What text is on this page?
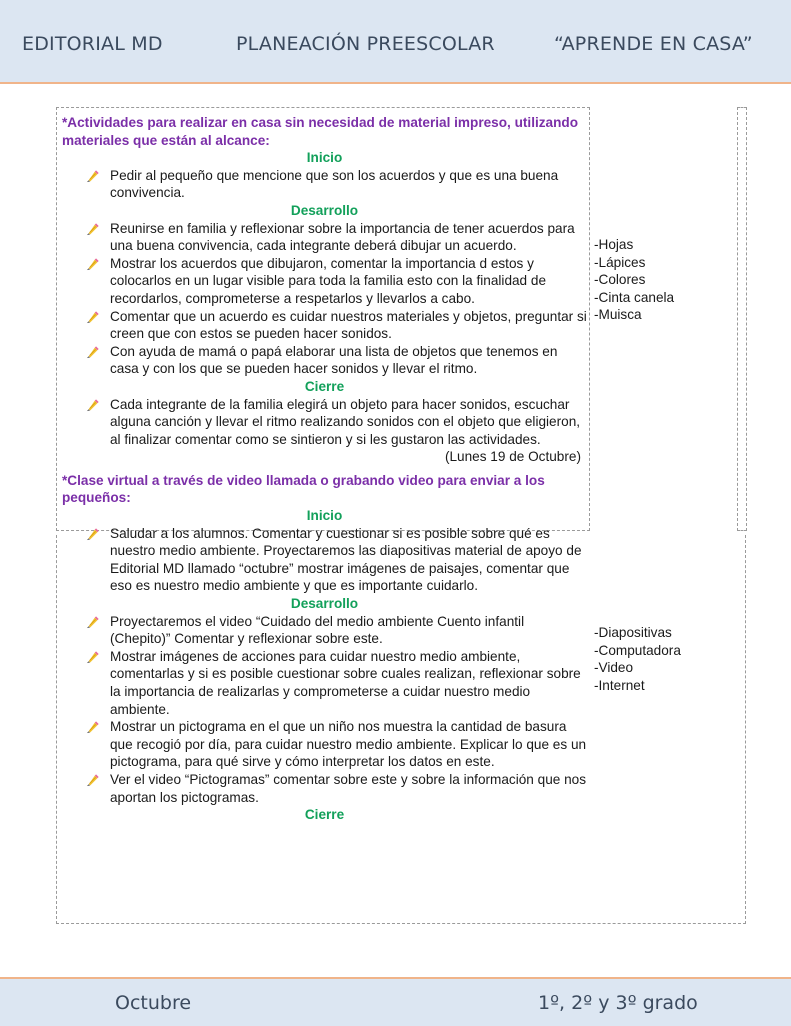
EDITORIAL MD	PLANEACIÓN PREESCOLAR	“APRENDE EN CASA”
*Actividades para realizar en casa sin necesidad de material impreso, utilizando materiales que están al alcance:
Inicio
Pedir al pequeño que mencione que son los acuerdos y que es una buena convivencia.
Desarrollo
Reunirse en familia y reflexionar sobre la importancia de tener acuerdos para una buena convivencia, cada integrante deberá dibujar un acuerdo.
Mostrar los acuerdos que dibujaron, comentar la importancia d estos y colocarlos en un lugar visible para toda la familia esto con la finalidad de recordarlos, comprometerse a respetarlos y llevarlos a cabo.
Comentar que un acuerdo es cuidar nuestros materiales y objetos, preguntar si creen que con estos se pueden hacer sonidos.
Con ayuda de mamá o papá elaborar una lista de objetos que tenemos en casa y con los que se pueden hacer sonidos y llevar el ritmo.
Cierre
Cada integrante de la familia elegirá un objeto para hacer sonidos, escuchar alguna canción y llevar el ritmo realizando sonidos con el objeto que eligieron, al finalizar comentar como se sintieron y si les gustaron las actividades.
(Lunes 19 de Octubre)
*Clase virtual a través de video llamada o grabando video para enviar a los pequeños:
Inicio
Saludar a los alumnos. Comentar y cuestionar si es posible sobre qué es nuestro medio ambiente. Proyectaremos las diapositivas material de apoyo de Editorial MD llamado “octubre” mostrar imágenes de paisajes, comentar que eso es nuestro medio ambiente y que es importante cuidarlo.
Desarrollo
Proyectaremos el video “Cuidado del medio ambiente Cuento infantil (Chepito)” Comentar y reflexionar sobre este.
Mostrar imágenes de acciones para cuidar nuestro medio ambiente, comentarlas y si es posible cuestionar sobre cuales realizan, reflexionar sobre la importancia de realizarlas y comprometerse a cuidar nuestro medio ambiente.
Mostrar un pictograma en el que un niño nos muestra la cantidad de basura que recogió por día, para cuidar nuestro medio ambiente. Explicar lo que es un pictograma, para qué sirve y cómo interpretar los datos en este.
Ver el video “Pictogramas” comentar sobre este y sobre la información que nos aportan los pictogramas.
Cierre
-Hojas
-Lápices
-Colores
-Cinta canela
-Muisca
-Diapositivas
-Computadora
-Video
-Internet
Octubre	1º, 2º y 3º grado
